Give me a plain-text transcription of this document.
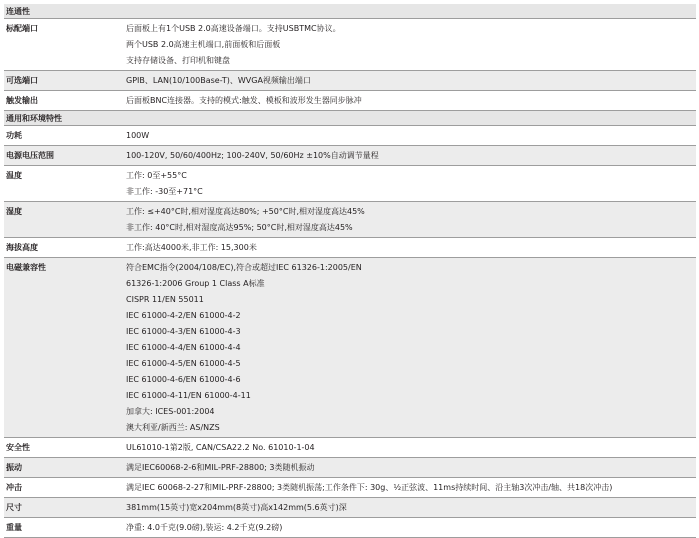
连通性
标配端口	后面板上有1个USB 2.0高速设备端口。支持USBTMC协议。
两个USB 2.0高速主机端口,前面板和后面板
支持存储设备、打印机和键盘
可选端口	GPIB、LAN(10/100Base-T)、WVGA视频输出端口
触发输出	后面板BNC连接器。支持的模式:触发、模板和波形发生器同步脉冲
通用和环境特性
功耗	100W
电源电压范围	100-120V, 50/60/400Hz; 100-240V, 50/60Hz ±10%自动调节量程
温度	工作: 0至+55°C
非工作: -30至+71°C
湿度	工作: ≤+40°C时,相对湿度高达80%; +50°C时,相对湿度高达45%
非工作: 40°C时,相对湿度高达95%; 50°C时,相对湿度高达45%
海拔高度	工作:高达4000米,非工作: 15,300米
电磁兼容性	符合EMC指令(2004/108/EC),符合或超过IEC 61326-1:2005/EN
61326-1:2006 Group 1 Class A标准
CISPR 11/EN 55011
IEC 61000-4-2/EN 61000-4-2
IEC 61000-4-3/EN 61000-4-3
IEC 61000-4-4/EN 61000-4-4
IEC 61000-4-5/EN 61000-4-5
IEC 61000-4-6/EN 61000-4-6
IEC 61000-4-11/EN 61000-4-11
加拿大: ICES-001:2004
澳大利亚/新西兰: AS/NZS
安全性	UL61010-1第2版, CAN/CSA22.2 No. 61010-1-04
振动	满足IEC60068-2-6和MIL-PRF-28800; 3类随机振动
冲击	满足IEC 60068-2-27和MIL-PRF-28800; 3类随机振荡;工作条件下: 30g、½正弦波、11ms持续时间、沿主轴3次冲击/轴、共18次冲击)
尺寸	381mm(15英寸)宽x204mm(8英寸)高x142mm(5.6英寸)深
重量	净重: 4.0千克(9.0磅),装运: 4.2千克(9.2磅)
